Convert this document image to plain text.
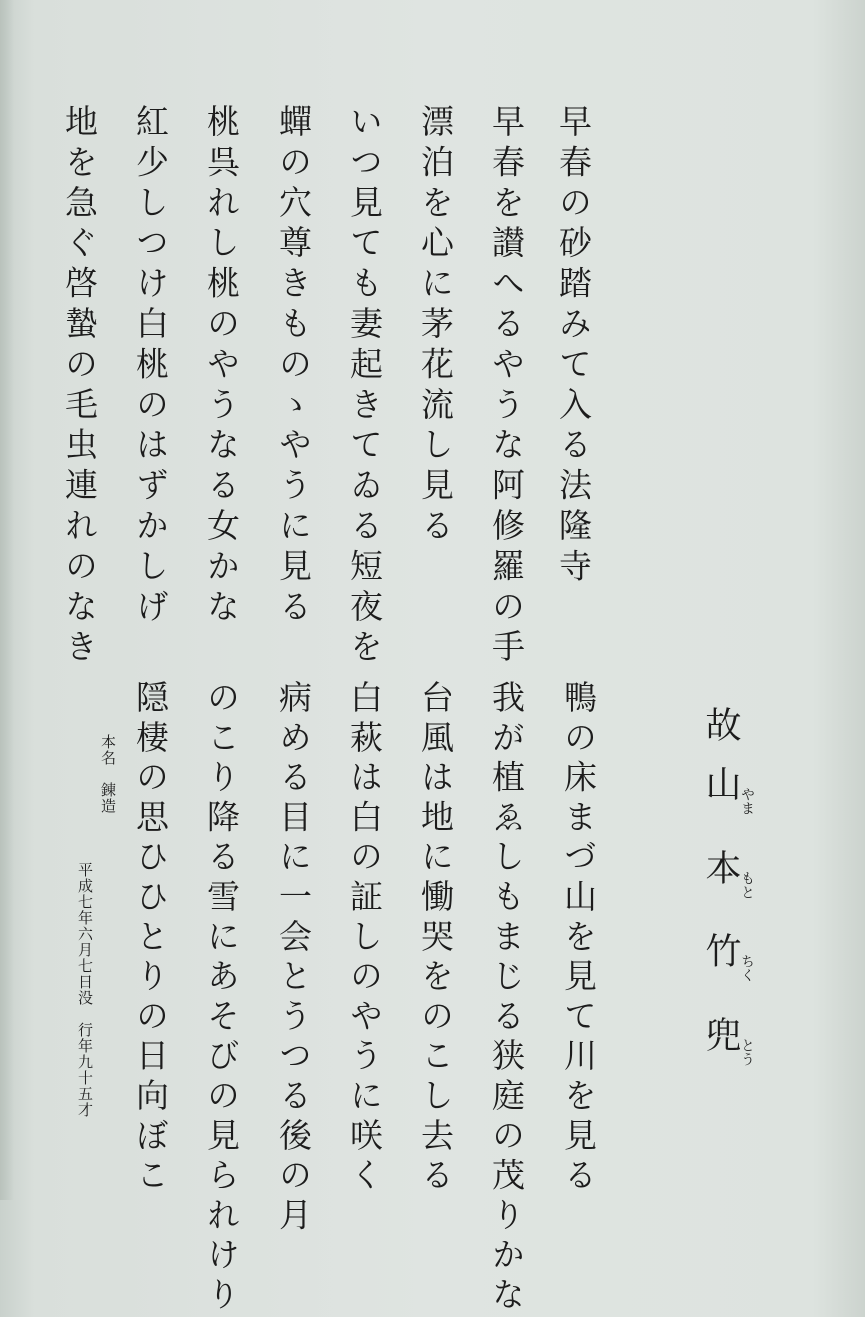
早春の砂踏みて入る法隆寺
早春を讃へるやうな阿修羅の手
漂泊を心に茅花流し見る
いつ見ても妻起きてゐる短夜を
蟬の穴尊きものゝやうに見る
桃呉れし桃のやうなる女かな
紅少しつけ白桃のはずかしげ
地を急ぐ啓蟄の毛虫連れのなき
故 山
やま
本
もと
竹
ちく
兜
とう
鴨の床まづ山を見て川を見る
我が植ゑしもまじる狭庭の茂りかな
台風は地に慟哭をのこし去る
白萩は白の証しのやうに咲く
病める目に一会とうつる後の月
のこり降る雪にあそびの見られけり
隠棲の思ひひとりの日向ぼこ
本名　錬造
平成七年六月七日没　行年九十五才
